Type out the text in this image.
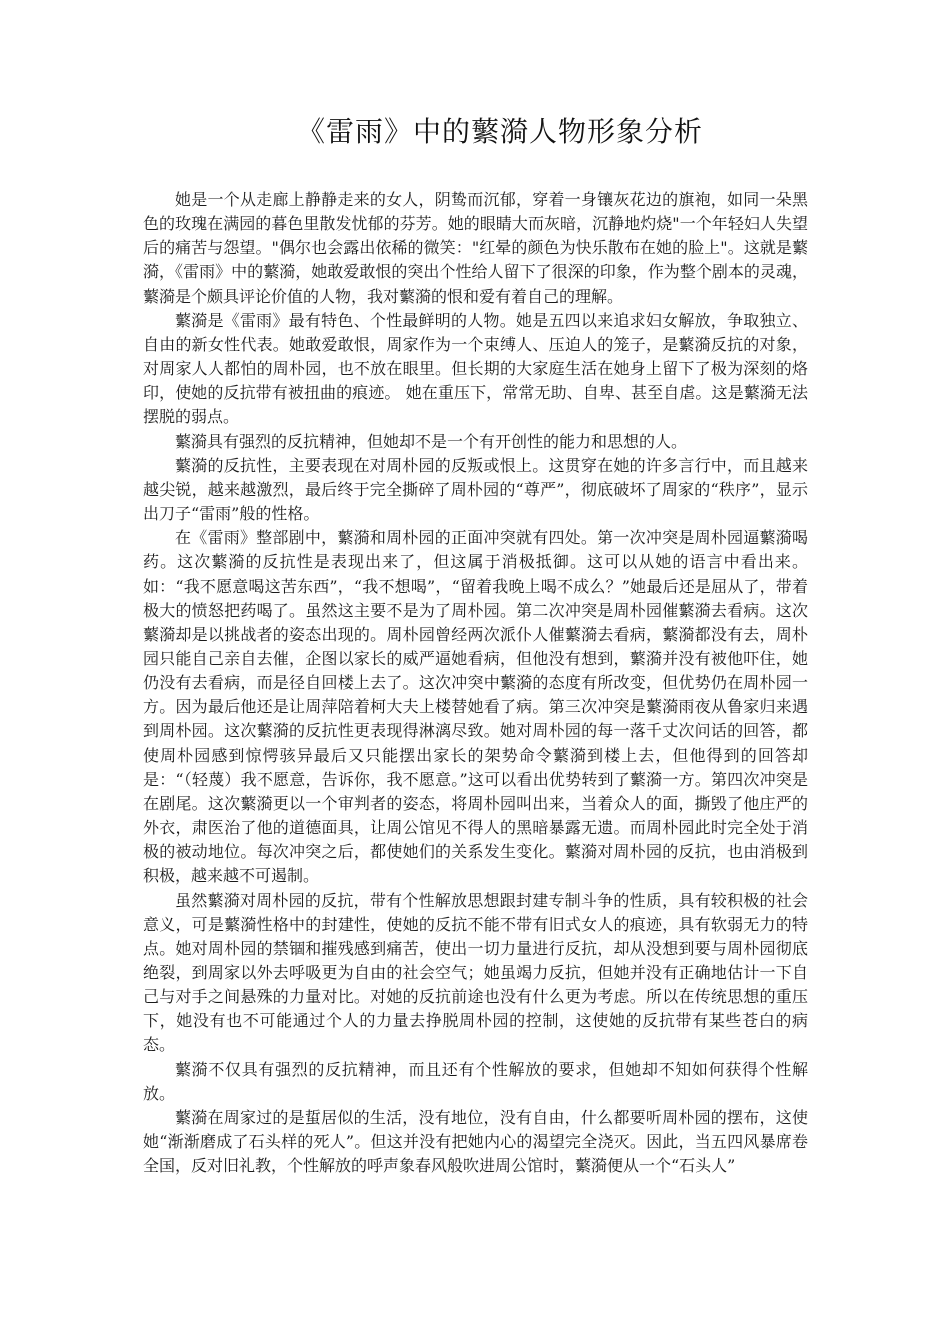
《雷雨》中的蘩漪人物形象分析

她是一个从走廊上静静走来的女人，阴鸷而沉郁，穿着一身镶灰花边的旗袍，如同一朵黑色的玫瑰在满园的暮色里散发忧郁的芬芳。她的眼睛大而灰暗，沉静地灼烧"一个年轻妇人失望后的痛苦与怨望。"偶尔也会露出依稀的微笑："红晕的颜色为快乐散布在她的脸上"。这就是蘩漪，《雷雨》中的蘩漪，她敢爱敢恨的突出个性给人留下了很深的印象，作为整个剧本的灵魂，蘩漪是个颇具评论价值的人物，我对蘩漪的恨和爱有着自己的理解。

蘩漪是《雷雨》最有特色、个性最鲜明的人物。她是五四以来追求妇女解放，争取独立、自由的新女性代表。她敢爱敢恨，周家作为一个束缚人、压迫人的笼子，是蘩漪反抗的对象，对周家人人都怕的周朴园，也不放在眼里。但长期的大家庭生活在她身上留下了极为深刻的烙印，使她的反抗带有被扭曲的痕迹。 她在重压下，常常无助、自卑、甚至自虐。这是蘩漪无法摆脱的弱点。

蘩漪具有强烈的反抗精神，但她却不是一个有开创性的能力和思想的人。

蘩漪的反抗性，主要表现在对周朴园的反叛或恨上。这贯穿在她的许多言行中，而且越来越尖锐，越来越激烈，最后终于完全撕碎了周朴园的“尊严”，彻底破坏了周家的“秩序”，显示出刀子“雷雨”般的性格。

在《雷雨》整部剧中，蘩漪和周朴园的正面冲突就有四处。第一次冲突是周朴园逼蘩漪喝药。这次蘩漪的反抗性是表现出来了，但这属于消极抵御。这可以从她的语言中看出来。如：“我不愿意喝这苦东西”，“我不想喝”，“留着我晚上喝不成么？”她最后还是屈从了，带着极大的愤怒把药喝了。虽然这主要不是为了周朴园。第二次冲突是周朴园催蘩漪去看病。这次蘩漪却是以挑战者的姿态出现的。周朴园曾经两次派仆人催蘩漪去看病，蘩漪都没有去，周朴园只能自己亲自去催，企图以家长的威严逼她看病，但他没有想到，蘩漪并没有被他吓住，她仍没有去看病，而是径自回楼上去了。这次冲突中蘩漪的态度有所改变，但优势仍在周朴园一方。因为最后他还是让周萍陪着柯大夫上楼替她看了病。第三次冲突是蘩漪雨夜从鲁家归来遇到周朴园。这次蘩漪的反抗性更表现得淋漓尽致。她对周朴园的每一落千丈次问话的回答，都使周朴园感到惊愕骇异最后又只能摆出家长的架势命令蘩漪到楼上去，但他得到的回答却是：“（轻蔑）我不愿意，告诉你，我不愿意。”这可以看出优势转到了蘩漪一方。第四次冲突是在剧尾。这次蘩漪更以一个审判者的姿态，将周朴园叫出来，当着众人的面，撕毁了他庄严的外衣，肃医治了他的道德面具，让周公馆见不得人的黑暗暴露无遗。而周朴园此时完全处于消极的被动地位。每次冲突之后，都使她们的关系发生变化。蘩漪对周朴园的反抗，也由消极到积极，越来越不可遏制。

虽然蘩漪对周朴园的反抗，带有个性解放思想跟封建专制斗争的性质，具有较积极的社会意义，可是蘩漪性格中的封建性，使她的反抗不能不带有旧式女人的痕迹，具有软弱无力的特点。她对周朴园的禁锢和摧残感到痛苦，使出一切力量进行反抗，却从没想到要与周朴园彻底绝裂，到周家以外去呼吸更为自由的社会空气；她虽竭力反抗，但她并没有正确地估计一下自己与对手之间悬殊的力量对比。对她的反抗前途也没有什么更为考虑。所以在传统思想的重压下，她没有也不可能通过个人的力量去挣脱周朴园的控制，这使她的反抗带有某些苍白的病态。

蘩漪不仅具有强烈的反抗精神，而且还有个性解放的要求，但她却不知如何获得个性解放。

蘩漪在周家过的是蜇居似的生活，没有地位，没有自由，什么都要听周朴园的摆布，这使她“渐渐磨成了石头样的死人”。但这并没有把她内心的渴望完全浇灭。因此，当五四风暴席卷全国，反对旧礼教，个性解放的呼声象春风般吹进周公馆时，蘩漪便从一个“石头人”
